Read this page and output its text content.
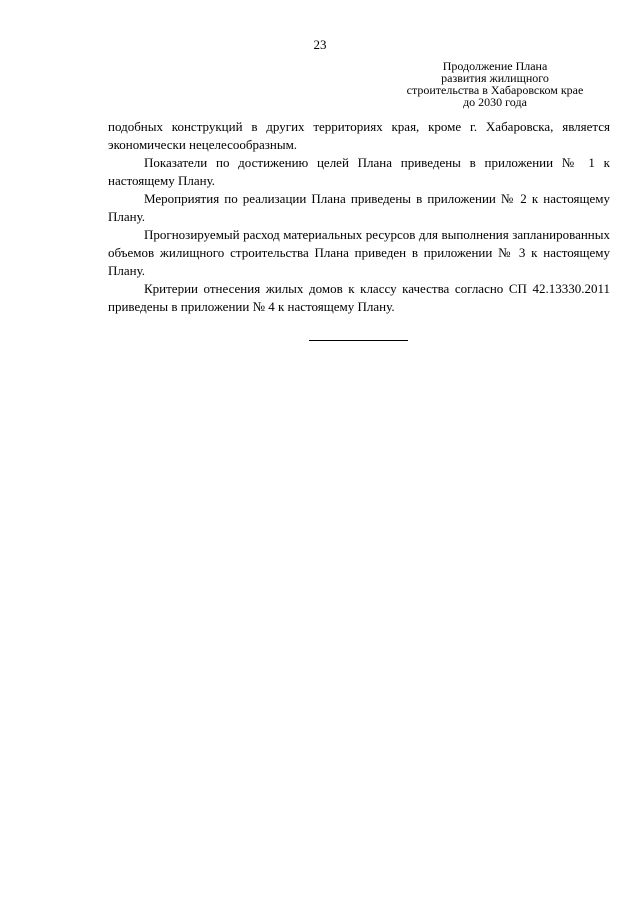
23
Продолжение Плана
развития жилищного
строительства в Хабаровском крае
до 2030 года

подобных конструкций в других территориях края, кроме г. Хабаровска, является экономически нецелесообразным.

Показатели по достижению целей Плана приведены в приложении № 1 к настоящему Плану.

Мероприятия по реализации Плана приведены в приложении № 2 к настоящему Плану.

Прогнозируемый расход материальных ресурсов для выполнения запланированных объемов жилищного строительства Плана приведен в приложении № 3 к настоящему Плану.

Критерии отнесения жилых домов к классу качества согласно СП 42.13330.2011 приведены в приложении № 4 к настоящему Плану.
